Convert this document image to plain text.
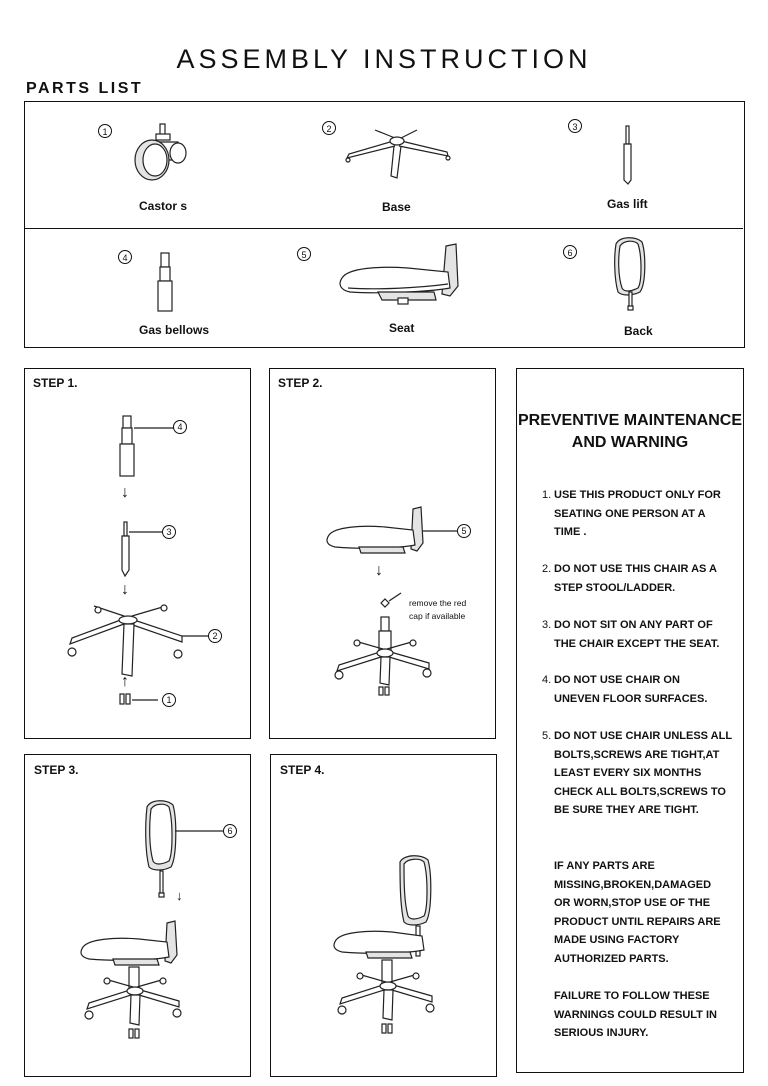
ASSEMBLY INSTRUCTION
PARTS LIST
1
Castor s
2
Base
3
Gas lift
4
Gas bellows
5
Seat
6
Back
STEP 1.
↓
↓
↑
4
3
2
1
STEP 2.
↓
5
remove the red
cap if available
STEP 3.
↓
6
STEP 4.
PREVENTIVE MAINTENANCE
AND WARNING
1. USE THIS PRODUCT ONLY FOR
SEATING ONE PERSON AT A
TIME .
2. DO NOT USE THIS CHAIR AS A
STEP STOOL/LADDER.
3. DO NOT SIT ON ANY PART OF
THE CHAIR EXCEPT THE SEAT.
4. DO NOT USE CHAIR ON
UNEVEN FLOOR SURFACES.
5. DO NOT USE CHAIR UNLESS ALL
BOLTS,SCREWS ARE TIGHT,AT
LEAST EVERY SIX MONTHS
CHECK ALL BOLTS,SCREWS TO
BE SURE THEY ARE TIGHT.
IF ANY PARTS ARE
MISSING,BROKEN,DAMAGED
OR WORN,STOP USE OF THE
PRODUCT UNTIL REPAIRS ARE
MADE USING FACTORY
AUTHORIZED PARTS.
FAILURE TO FOLLOW THESE
WARNINGS COULD RESULT IN
SERIOUS INJURY.
